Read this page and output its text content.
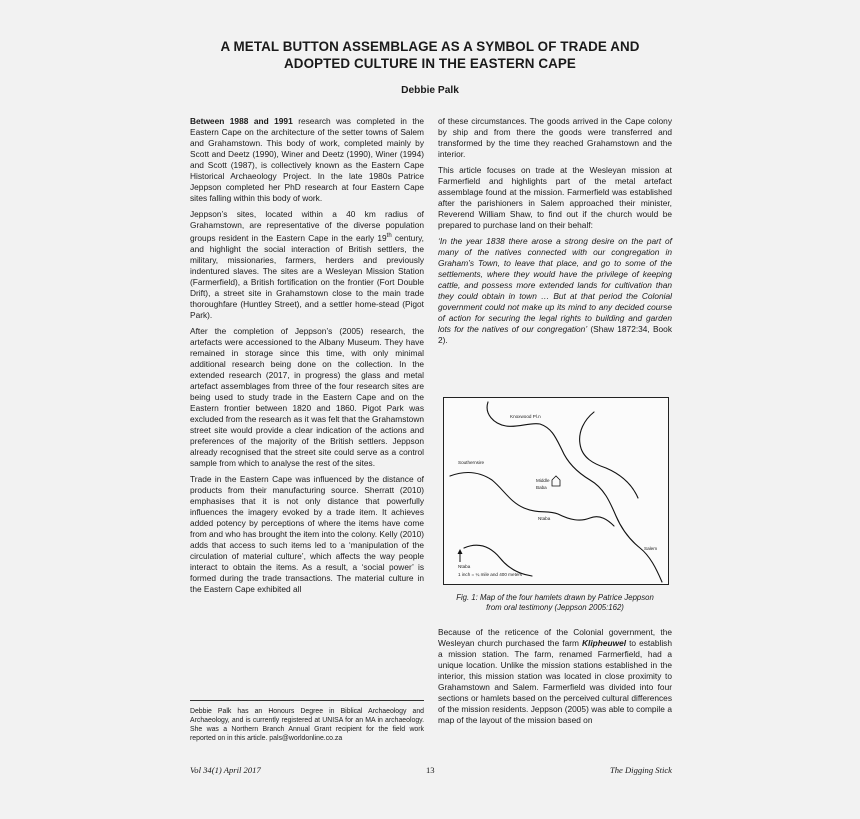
A METAL BUTTON ASSEMBLAGE AS A SYMBOL OF TRADE AND
ADOPTED CULTURE IN THE EASTERN CAPE
Debbie Palk

Between 1988 and 1991 research was completed in the Eastern Cape on the architecture of the setter towns of Salem and Grahamstown. This body of work, completed mainly by Scott and Deetz (1990), Winer and Deetz (1990), Winer (1994) and Scott (1987), is collectively known as the Eastern Cape Historical Archaeology Project. In the late 1980s Patrice Jeppson completed her PhD research at four Eastern Cape sites falling within this body of work.

Jeppson’s sites, located within a 40 km radius of Grahamstown, are representative of the diverse population groups resident in the Eastern Cape in the early 19th century, and highlight the social interaction of British settlers, the military, missionaries, farmers, herders and previously indentured slaves. The sites are a Wesleyan Mission Station (Farmerfield), a British fortification on the frontier (Fort Double Drift), a street site in Grahamstown close to the main trade thoroughfare (Huntley Street), and a settler home-stead (Pigot Park).

After the completion of Jeppson’s (2005) research, the artefacts were accessioned to the Albany Museum. They have remained in storage since this time, with only minimal additional research being done on the collection. In the extended research (2017, in progress) the glass and metal artefact assemblages from three of the four research sites are being used to study trade in the Eastern Cape and on the Eastern frontier between 1820 and 1860. Pigot Park was excluded from the research as it was felt that the Grahamstown street site would provide a clear indication of the actions and preferences of the majority of the British settlers. Jeppson already recognised that the street site could serve as a control sample from which to analyse the rest of the sites.

Trade in the Eastern Cape was influenced by the distance of products from their manufacturing source. Sherratt (2010) emphasises that it is not only distance that powerfully influences the imagery evoked by a trade item. It achieves added potency by perceptions of where the items have come from and who has brought the item into the colony. Kelly (2010) adds that access to such items led to a ‘manipulation of the circulation of material culture’, which affects the way people interact to obtain the items. As a result, a ‘social power’ is formed during the trade transactions. The material culture in the Eastern Cape exhibited all

Debbie Palk has an Honours Degree in Biblical Archaeology and Archaeology, and is currently registered at UNISA for an MA in archaeology. She was a Northern Branch Annual Grant recipient for the field work reported on in this article. pals@worldonline.co.za

of these circumstances. The goods arrived in the Cape colony by ship and from there the goods were transferred and transformed by the time they reached Grahamstown and the interior.

This article focuses on trade at the Wesleyan mission at Farmerfield and highlights part of the metal artefact assemblage found at the mission. Farmerfield was established after the parishioners in Salem approached their minister, Reverend William Shaw, to find out if the church would be prepared to purchase land on their behalf:

‘In the year 1838 there arose a strong desire on the part of many of the natives connected with our congregation in Graham’s Town, to leave that place, and go to some of the settlements, where they would have the privilege of keeping cattle, and possess more extended lands for cultivation than they could obtain in town … But at that period the Colonial government could not make up its mind to any decided course of action for securing the legal rights to building and garden lots for the natives of our congregation’ (Shaw 1872:34, Book 2).

Knoxwood Pl.n
Southernsire
Middle
Baba
Ntaba
Salem
Ntaba
1 inch = ¼ mile and 400 meters
Fig. 1: Map of the four hamlets drawn by Patrice Jeppson
from oral testimony (Jeppson 2005:162)

Because of the reticence of the Colonial government, the Wesleyan church purchased the farm Klipheuwel to establish a mission station. The farm, renamed Farmerfield, had a unique location. Unlike the mission stations established in the interior, this mission station was located in close proximity to Grahamstown and Salem. Farmerfield was divided into four sections or hamlets based on the perceived cultural differences of the mission residents. Jeppson (2005) was able to compile a map of the layout of the mission based on

Vol 34(1) April 2017	13	The Digging Stick
